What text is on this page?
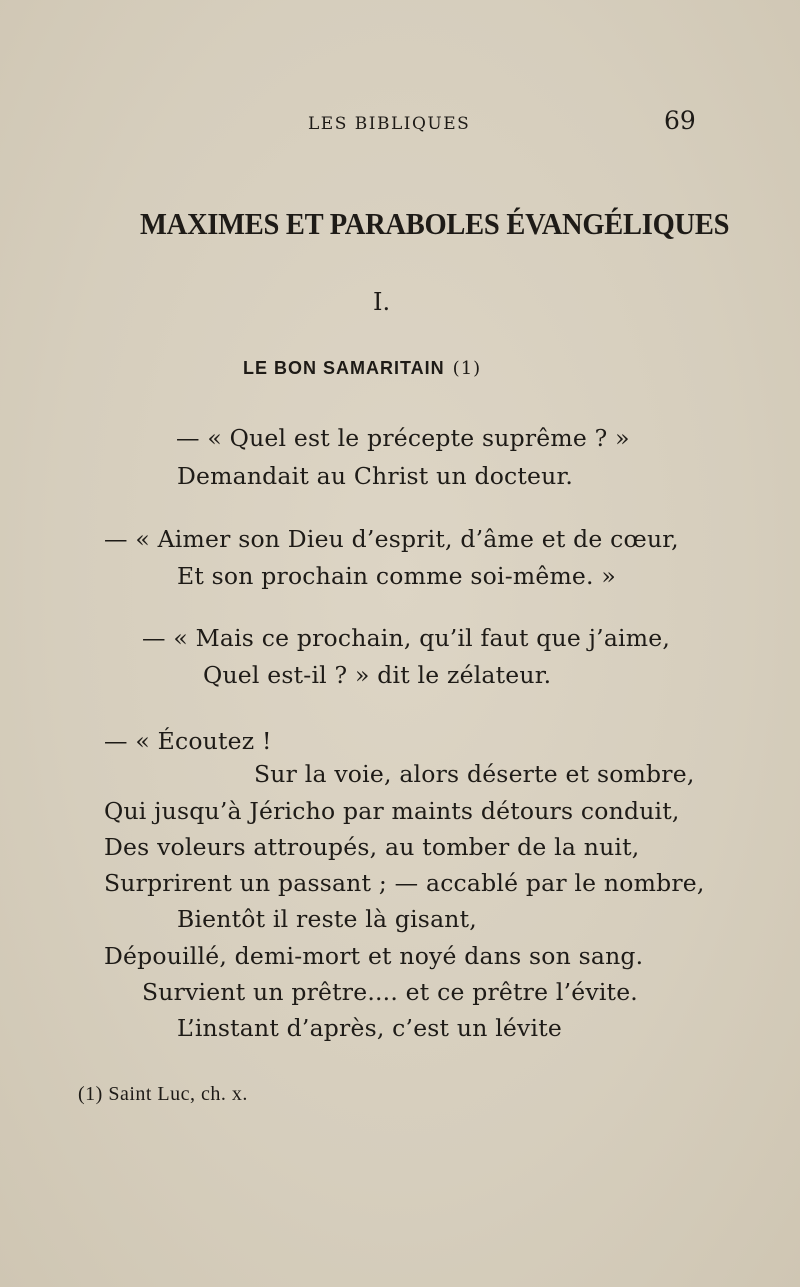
LES BIBLIQUES	69
MAXIMES ET PARABOLES ÉVANGÉLIQUES
I.
LE BON SAMARITAIN (1)
— « Quel est le précepte suprême ? »
Demandait au Christ un docteur.
— « Aimer son Dieu d’esprit, d’âme et de cœur,
Et son prochain comme soi-même. »
— « Mais ce prochain, qu’il faut que j’aime,
Quel est-il ? » dit le zélateur.
— « Écoutez !
Sur la voie, alors déserte et sombre,
Qui jusqu’à Jéricho par maints détours conduit,
Des voleurs attroupés, au tomber de la nuit,
Surprirent un passant ; — accablé par le nombre,
Bientôt il reste là gisant,
Dépouillé, demi-mort et noyé dans son sang.
Survient un prêtre.... et ce prêtre l’évite.
L’instant d’après, c’est un lévite
(1) Saint Luc, ch. x.
